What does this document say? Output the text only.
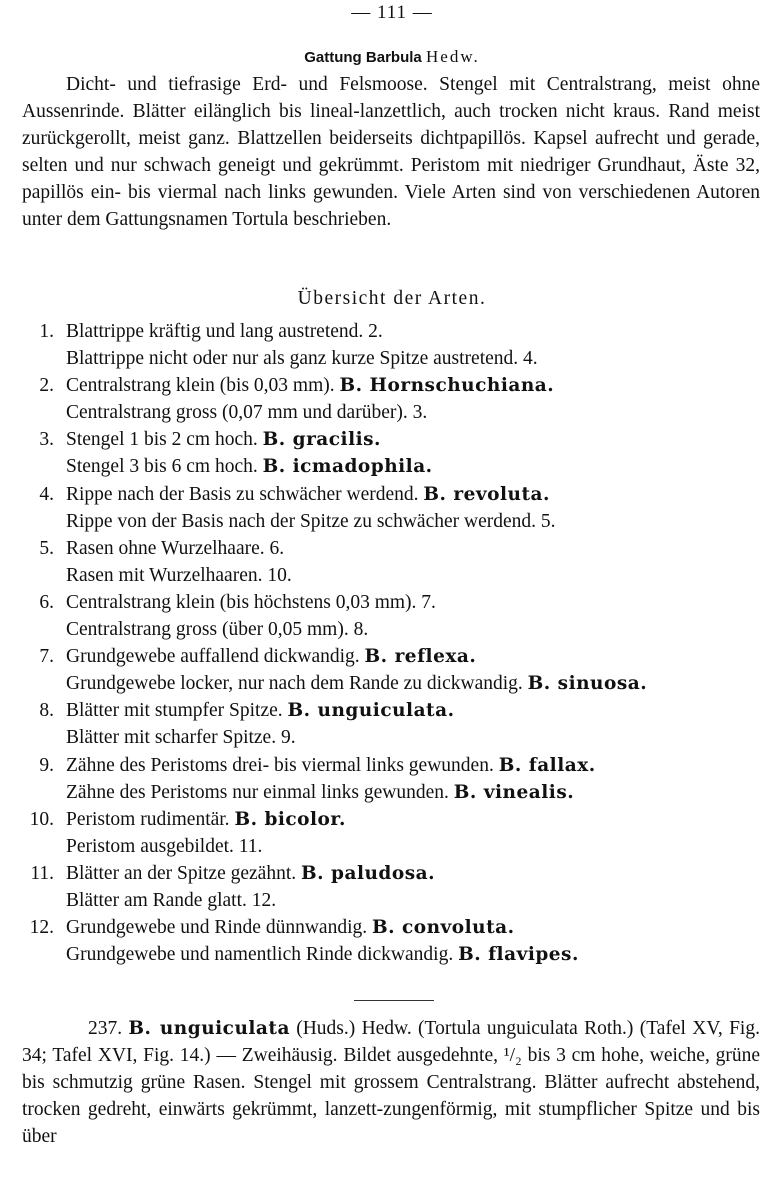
— 111 —
Gattung Barbula Hedw.

Dicht- und tiefrasige Erd- und Felsmoose. Stengel mit Centralstrang, meist ohne Aussenrinde. Blätter eilänglich bis lineal-lanzettlich, auch trocken nicht kraus. Rand meist zurückgerollt, meist ganz. Blattzellen beiderseits dichtpapillös. Kapsel aufrecht und gerade, selten und nur schwach geneigt und gekrümmt. Peristom mit niedriger Grundhaut, Äste 32, papillös ein- bis viermal nach links gewunden. Viele Arten sind von verschiedenen Autoren unter dem Gattungsnamen Tortula beschrieben.

Übersicht der Arten.
1. Blattrippe kräftig und lang austretend. 2.
Blattrippe nicht oder nur als ganz kurze Spitze austretend. 4.
2. Centralstrang klein (bis 0,03 mm). B. Hornschuchiana.
Centralstrang gross (0,07 mm und darüber). 3.
3. Stengel 1 bis 2 cm hoch. B. gracilis.
Stengel 3 bis 6 cm hoch. B. icmadophila.
4. Rippe nach der Basis zu schwächer werdend. B. revoluta.
Rippe von der Basis nach der Spitze zu schwächer werdend. 5.
5. Rasen ohne Wurzelhaare. 6.
Rasen mit Wurzelhaaren. 10.
6. Centralstrang klein (bis höchstens 0,03 mm). 7.
Centralstrang gross (über 0,05 mm). 8.
7. Grundgewebe auffallend dickwandig. B. reflexa.
Grundgewebe locker, nur nach dem Rande zu dickwandig. B. sinuosa.
8. Blätter mit stumpfer Spitze. B. unguiculata.
Blätter mit scharfer Spitze. 9.
9. Zähne des Peristoms drei- bis viermal links gewunden. B. fallax.
Zähne des Peristoms nur einmal links gewunden. B. vinealis.
10. Peristom rudimentär. B. bicolor.
Peristom ausgebildet. 11.
11. Blätter an der Spitze gezähnt. B. paludosa.
Blätter am Rande glatt. 12.
12. Grundgewebe und Rinde dünnwandig. B. convoluta.
Grundgewebe und namentlich Rinde dickwandig. B. flavipes.

237. B. unguiculata (Huds.) Hedw. (Tortula unguiculata Roth.) (Tafel XV, Fig. 34; Tafel XVI, Fig. 14.) — Zweihäusig. Bildet ausgedehnte, ¹/₂ bis 3 cm hohe, weiche, grüne bis schmutzig grüne Rasen. Stengel mit grossem Centralstrang. Blätter aufrecht abstehend, trocken gedreht, einwärts gekrümmt, lanzett-zungenförmig, mit stumpflicher Spitze und bis über
